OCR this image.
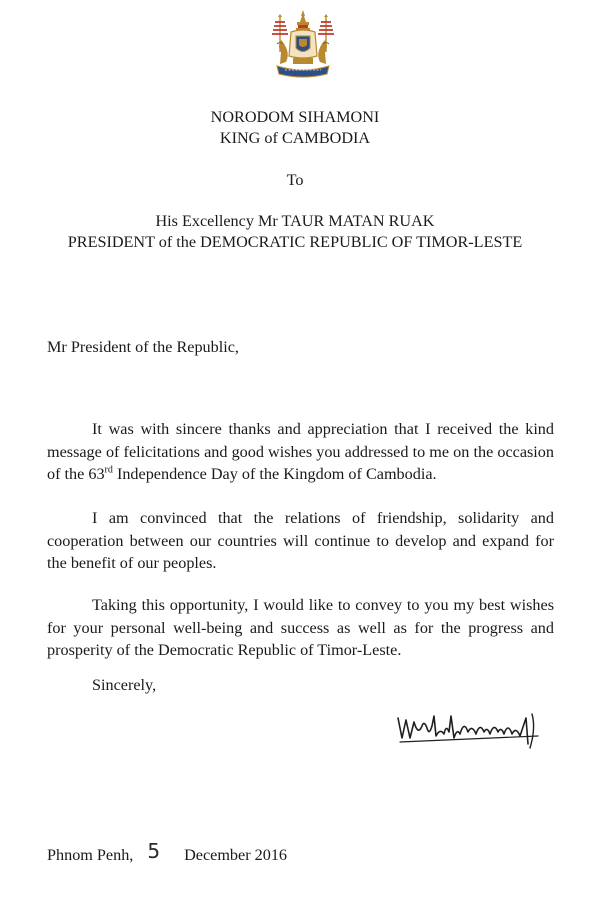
NORODOM SIHAMONI
KING of CAMBODIA
To
His Excellency Mr TAUR MATAN RUAK
PRESIDENT of the DEMOCRATIC REPUBLIC OF TIMOR-LESTE
Mr President of the Republic,

It was with sincere thanks and appreciation that I received the kind message of felicitations and good wishes you addressed to me on the occasion of the 63rd Independence Day of the Kingdom of Cambodia.

I am convinced that the relations of friendship, solidarity and cooperation between our countries will continue to develop and expand for the benefit of our peoples.

Taking this opportunity, I would like to convey to you my best wishes for your personal well-being and success as well as for the progress and prosperity of the Democratic Republic of Timor-Leste.

Sincerely,
Phnom Penh, 5 December 2016
